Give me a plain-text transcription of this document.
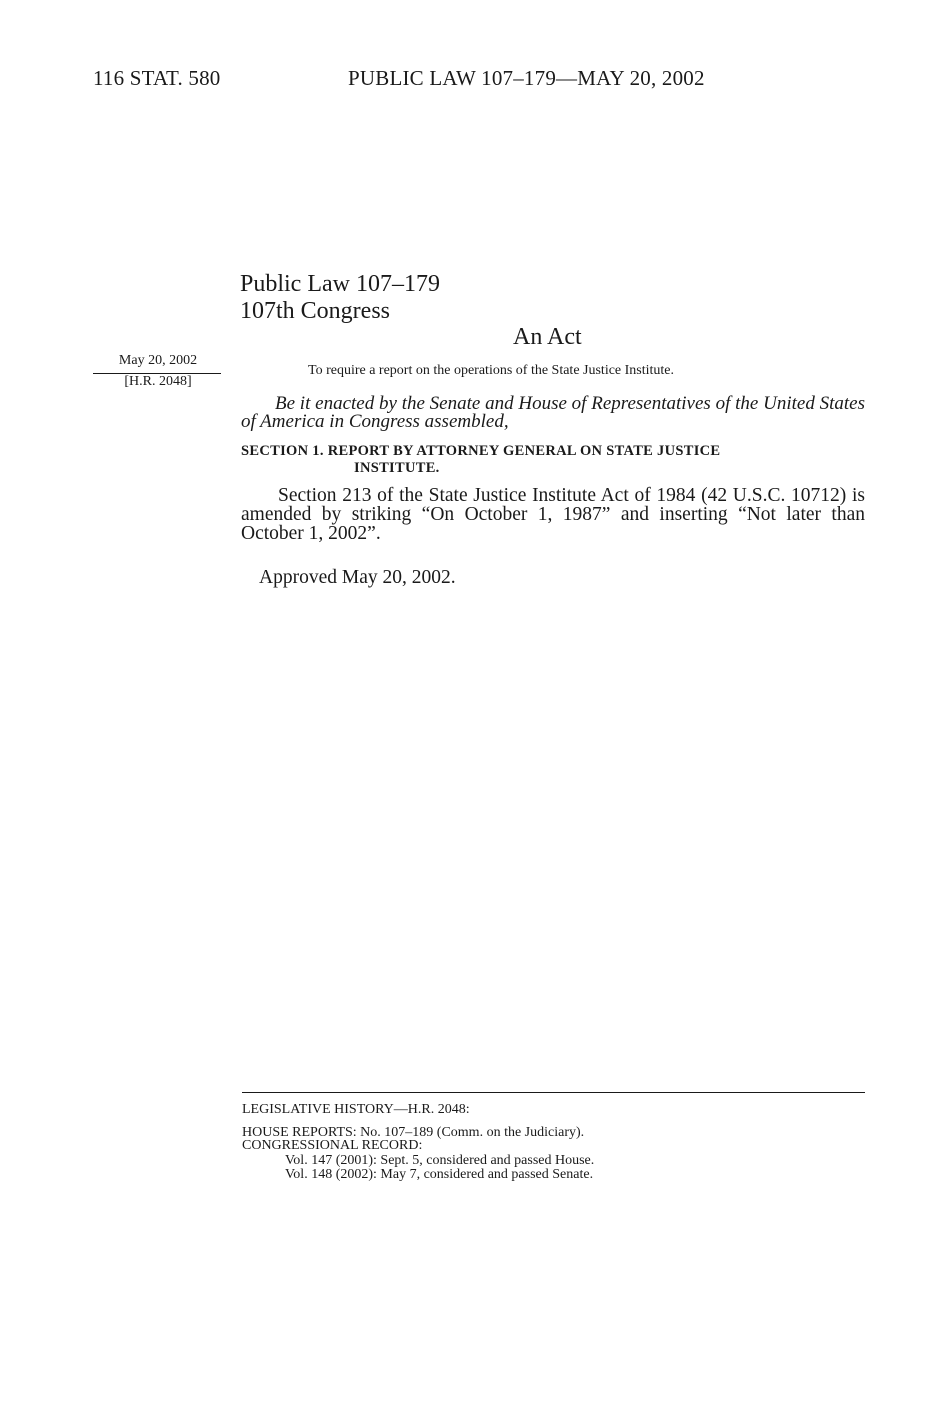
116 STAT. 580	PUBLIC LAW 107–179—MAY 20, 2002
Public Law 107–179
107th Congress
An Act
May 20, 2002
[H.R. 2048]
To require a report on the operations of the State Justice Institute.
Be it enacted by the Senate and House of Representatives of the United States of America in Congress assembled,
SECTION 1. REPORT BY ATTORNEY GENERAL ON STATE JUSTICE
INSTITUTE.
Section 213 of the State Justice Institute Act of 1984 (42 U.S.C. 10712) is amended by striking “On October 1, 1987” and inserting “Not later than October 1, 2002”.
Approved May 20, 2002.
LEGISLATIVE HISTORY—H.R. 2048:
HOUSE REPORTS: No. 107–189 (Comm. on the Judiciary).
CONGRESSIONAL RECORD:
Vol. 147 (2001): Sept. 5, considered and passed House.
Vol. 148 (2002): May 7, considered and passed Senate.
